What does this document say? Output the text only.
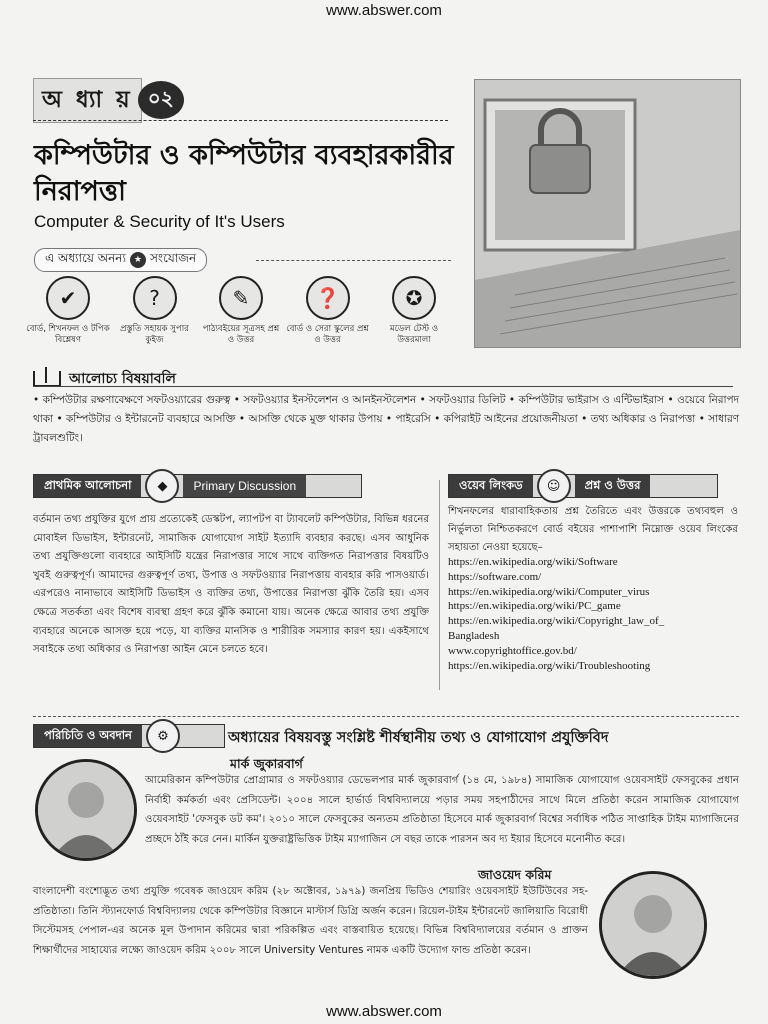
www.abswer.com
অ ধ্যা য় ০২
কম্পিউটার ও কম্পিউটার ব্যবহারকারীর নিরাপত্তা
Computer & Security of It's Users
এ অধ্যায়ে অনন্য ★ সংযোজন
✔
বোর্ড, শিখনফল ও টপিক বিশ্লেষণ
?
প্রস্তুতি সহায়ক সুপার কুইজ
✎
পাঠ্যবইয়ের সূত্রসহ প্রশ্ন ও উত্তর
❓
বোর্ড ও সেরা স্কুলের প্রশ্ন ও উত্তর
✪
মডেল টেস্ট ও উত্তরমালা
আলোচ্য বিষয়াবলি
• কম্পিউটার রক্ষণাবেক্ষণে সফটওয়্যারের গুরুত্ব • সফটওয়্যার ইনস্টলেশন ও আনইনস্টলেশন • সফটওয়্যার ডিলিট • কম্পিউটার ভাইরাস ও এন্টিভাইরাস • ওয়েবে নিরাপদ থাকা • কম্পিউটার ও ইন্টারনেট ব্যবহারে আসক্তি • আসক্তি থেকে মুক্ত থাকার উপায় • পাইরেসি • কপিরাইট আইনের প্রয়োজনীয়তা • তথ্য অধিকার ও নিরাপত্তা • সাধারণ ট্রাবলশুটিং।
প্রাথমিক আলোচনা	◆	Primary Discussion
বর্তমান তথ্য প্রযুক্তির যুগে প্রায় প্রত্যেকেই ডেস্কটপ, ল্যাপটপ বা ট্যাবলেট কম্পিউটার, বিভিন্ন ধরনের মোবাইল ডিভাইস, ইন্টারনেট, সামাজিক যোগাযোগ সাইট ইত্যাদি ব্যবহার করছে। এসব আধুনিক তথ্য প্রযুক্তিগুলো ব্যবহারে আইসিটি যন্ত্রের নিরাপত্তার সাথে সাথে ব্যক্তিগত নিরাপত্তার বিষয়টিও খুবই গুরুত্বপূর্ণ। আমাদের গুরুত্বপূর্ণ তথ্য, উপাত্ত ও সফটওয়্যার নিরাপত্তায় ব্যবহার করি পাসওয়ার্ড। এরপরেও নানাভাবে আইসিটি ডিভাইস ও ব্যক্তির তথ্য, উপাত্তের নিরাপত্তা ঝুঁকি তৈরি হয়। এসব ক্ষেত্রে সতর্কতা এবং বিশেষ ব্যবস্থা গ্রহণ করে ঝুঁকি কমানো যায়। অনেক ক্ষেত্রে আবার তথ্য প্রযুক্তি ব্যবহারে অনেকে আসক্ত হয়ে পড়ে, যা ব্যক্তির মানসিক ও শারীরিক সমস্যার কারণ হয়। একইসাথে সবাইকে তথ্য অধিকার ও নিরাপত্তা আইন মেনে চলতে হবে।
ওয়েব লিংকড	☺	প্রশ্ন ও উত্তর
শিখনফলের ধারাবাহিকতায় প্রশ্ন তৈরিতে এবং উত্তরকে তথ্যবহুল ও নির্ভুলতা নিশ্চিতকরণে বোর্ড বইয়ের পাশাপাশি নিম্নোক্ত ওয়েব লিংকের সহায়তা নেওয়া হয়েছে–
https://en.wikipedia.org/wiki/Software
https://software.com/
https://en.wikipedia.org/wiki/Computer_virus
https://en.wikipedia.org/wiki/PC_game
https://en.wikipedia.org/wiki/Copyright_law_of_
Bangladesh
www.copyrightoffice.gov.bd/
https://en.wikipedia.org/wiki/Troubleshooting
পরিচিতি ও অবদান	⚙	অধ্যায়ের বিষয়বস্তু সংশ্লিষ্ট শীর্ষস্থানীয় তথ্য ও যোগাযোগ প্রযুক্তিবিদ
মার্ক জুকারবার্গ
আমেরিকান কম্পিউটার প্রোগ্রামার ও সফটওয়্যার ডেভেলপার মার্ক জুকারবার্গ (১৪ মে, ১৯৮৪) সামাজিক যোগাযোগ ওয়েবসাইট ফেসবুকের প্রধান নির্বাহী কর্মকর্তা এবং প্রেসিডেন্ট। ২০০৪ সালে হার্ভার্ড বিশ্ববিদ্যালয়ে পড়ার সময় সহপাঠীদের সাথে মিলে প্রতিষ্ঠা করেন সামাজিক যোগাযোগ ওয়েবসাইট 'ফেসবুক ডট কম'। ২০১০ সালে ফেসবুকের অন্যতম প্রতিষ্ঠাতা হিসেবে মার্ক জুকারবার্গ বিশ্বের সর্বাধিক পঠিত সাপ্তাহিক টাইম ম্যাগাজিনের প্রচ্ছদে ঠাঁই করে নেন। মার্কিন যুক্তরাষ্ট্রভিত্তিক টাইম ম্যাগাজিন সে বছর তাকে পারসন অব দ্য ইয়ার হিসেবে মনোনীত করে।
জাওয়েদ করিম
বাংলাদেশী বংশোদ্ভূত তথ্য প্রযুক্তি গবেষক জাওয়েদ করিম (২৮ অক্টোবর, ১৯৭৯) জনপ্রিয় ভিডিও শেয়ারিং ওয়েবসাইট ইউটিউবের সহ-প্রতিষ্ঠাতা। তিনি স্ট্যানফোর্ড বিশ্ববিদ্যালয় থেকে কম্পিউটার বিজ্ঞানে মাস্টার্স ডিগ্রি অর্জন করেন। রিয়েল-টাইম ইন্টারনেট জালিয়াতি বিরোধী সিস্টেমসহ পেপাল-এর অনেক মূল উপাদান করিমের দ্বারা পরিকল্পিত এবং বাস্তবায়িত হয়েছে। বিভিন্ন বিশ্ববিদ্যালয়ের বর্তমান ও প্রাক্তন শিক্ষার্থীদের সাহায্যের লক্ষ্যে জাওয়েদ করিম ২০০৮ সালে University Ventures নামক একটি উদ্যোগ ফান্ড প্রতিষ্ঠা করেন।
www.abswer.com
